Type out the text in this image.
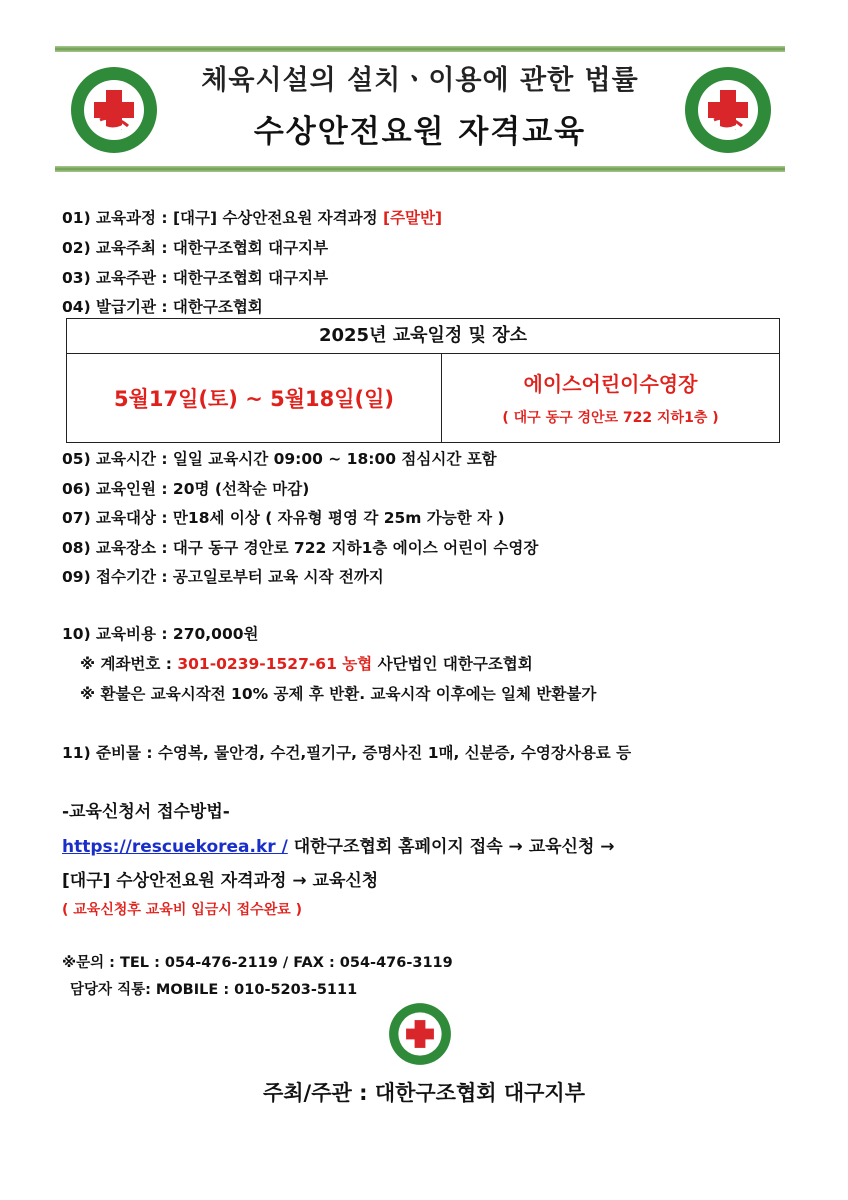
체육시설의 설치ㆍ이용에 관한 법률
수상안전요원 자격교육
01) 교육과정 : [대구] 수상안전요원 자격과정 [주말반]
02) 교육주최 : 대한구조협회 대구지부
03) 교육주관 : 대한구조협회 대구지부
04) 발급기관 : 대한구조협회
2025년 교육일정 및 장소
5월17일(토) ~ 5월18일(일)
에이스어린이수영장
( 대구 동구 경안로 722 지하1층 )
05) 교육시간 : 일일 교육시간 09:00 ~ 18:00 점심시간 포함
06) 교육인원 : 20명 (선착순 마감)
07) 교육대상 : 만18세 이상 ( 자유형 평영 각 25m 가능한 자 )
08) 교육장소 : 대구 동구 경안로 722 지하1층 에이스 어린이 수영장
09) 접수기간 : 공고일로부터 교육 시작 전까지
10) 교육비용 : 270,000원
※ 계좌번호 : 301-0239-1527-61 농협 사단법인 대한구조협회
※ 환불은 교육시작전 10% 공제 후 반환. 교육시작 이후에는 일체 반환불가
11) 준비물 : 수영복, 물안경, 수건,필기구, 증명사진 1매, 신분증, 수영장사용료 등
-교육신청서 접수방법-
https://rescuekorea.kr / 대한구조협회 홈페이지 접속 → 교육신청 →
[대구] 수상안전요원 자격과정 → 교육신청
( 교육신청후 교육비 입금시 접수완료 )
※문의 : TEL : 054-476-2119 / FAX : 054-476-3119
담당자 직통: MOBILE : 010-5203-5111
주최/주관 : 대한구조협회 대구지부
